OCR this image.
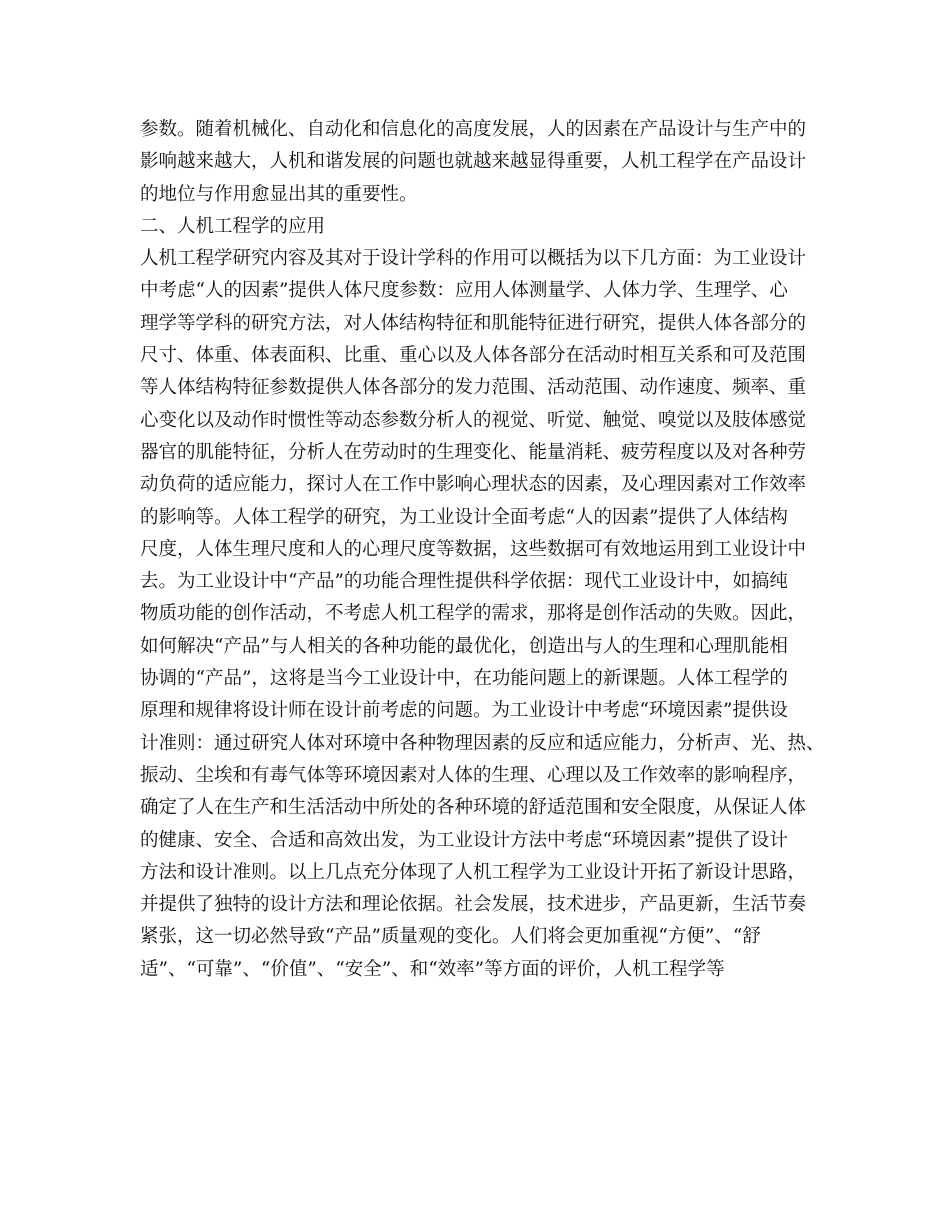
参数。随着机械化、自动化和信息化的高度发展，人的因素在产品设计与生产中的
影响越来越大，人机和谐发展的问题也就越来越显得重要，人机工程学在产品设计
的地位与作用愈显出其的重要性。
二、人机工程学的应用
人机工程学研究内容及其对于设计学科的作用可以概括为以下几方面：为工业设计
中考虑“人的因素”提供人体尺度参数：应用人体测量学、人体力学、生理学、心
理学等学科的研究方法，对人体结构特征和肌能特征进行研究，提供人体各部分的
尺寸、体重、体表面积、比重、重心以及人体各部分在活动时相互关系和可及范围
等人体结构特征参数提供人体各部分的发力范围、活动范围、动作速度、频率、重
心变化以及动作时惯性等动态参数分析人的视觉、听觉、触觉、嗅觉以及肢体感觉
器官的肌能特征，分析人在劳动时的生理变化、能量消耗、疲劳程度以及对各种劳
动负荷的适应能力，探讨人在工作中影响心理状态的因素，及心理因素对工作效率
的影响等。人体工程学的研究，为工业设计全面考虑“人的因素”提供了人体结构
尺度，人体生理尺度和人的心理尺度等数据，这些数据可有效地运用到工业设计中
去。为工业设计中“产品”的功能合理性提供科学依据：现代工业设计中，如搞纯
物质功能的创作活动，不考虑人机工程学的需求，那将是创作活动的失败。因此，
如何解决“产品”与人相关的各种功能的最优化，创造出与人的生理和心理肌能相
协调的“产品”，这将是当今工业设计中，在功能问题上的新课题。人体工程学的
原理和规律将设计师在设计前考虑的问题。为工业设计中考虑“环境因素”提供设
计准则：通过研究人体对环境中各种物理因素的反应和适应能力，分析声、光、热、
振动、尘埃和有毒气体等环境因素对人体的生理、心理以及工作效率的影响程序，
确定了人在生产和生活活动中所处的各种环境的舒适范围和安全限度，从保证人体
的健康、安全、合适和高效出发，为工业设计方法中考虑“环境因素”提供了设计
方法和设计准则。以上几点充分体现了人机工程学为工业设计开拓了新设计思路，
并提供了独特的设计方法和理论依据。社会发展，技术进步，产品更新，生活节奏
紧张，这一切必然导致“产品”质量观的变化。人们将会更加重视“方便”、“舒
适”、“可靠”、“价值”、“安全”、和“效率”等方面的评价，人机工程学等
